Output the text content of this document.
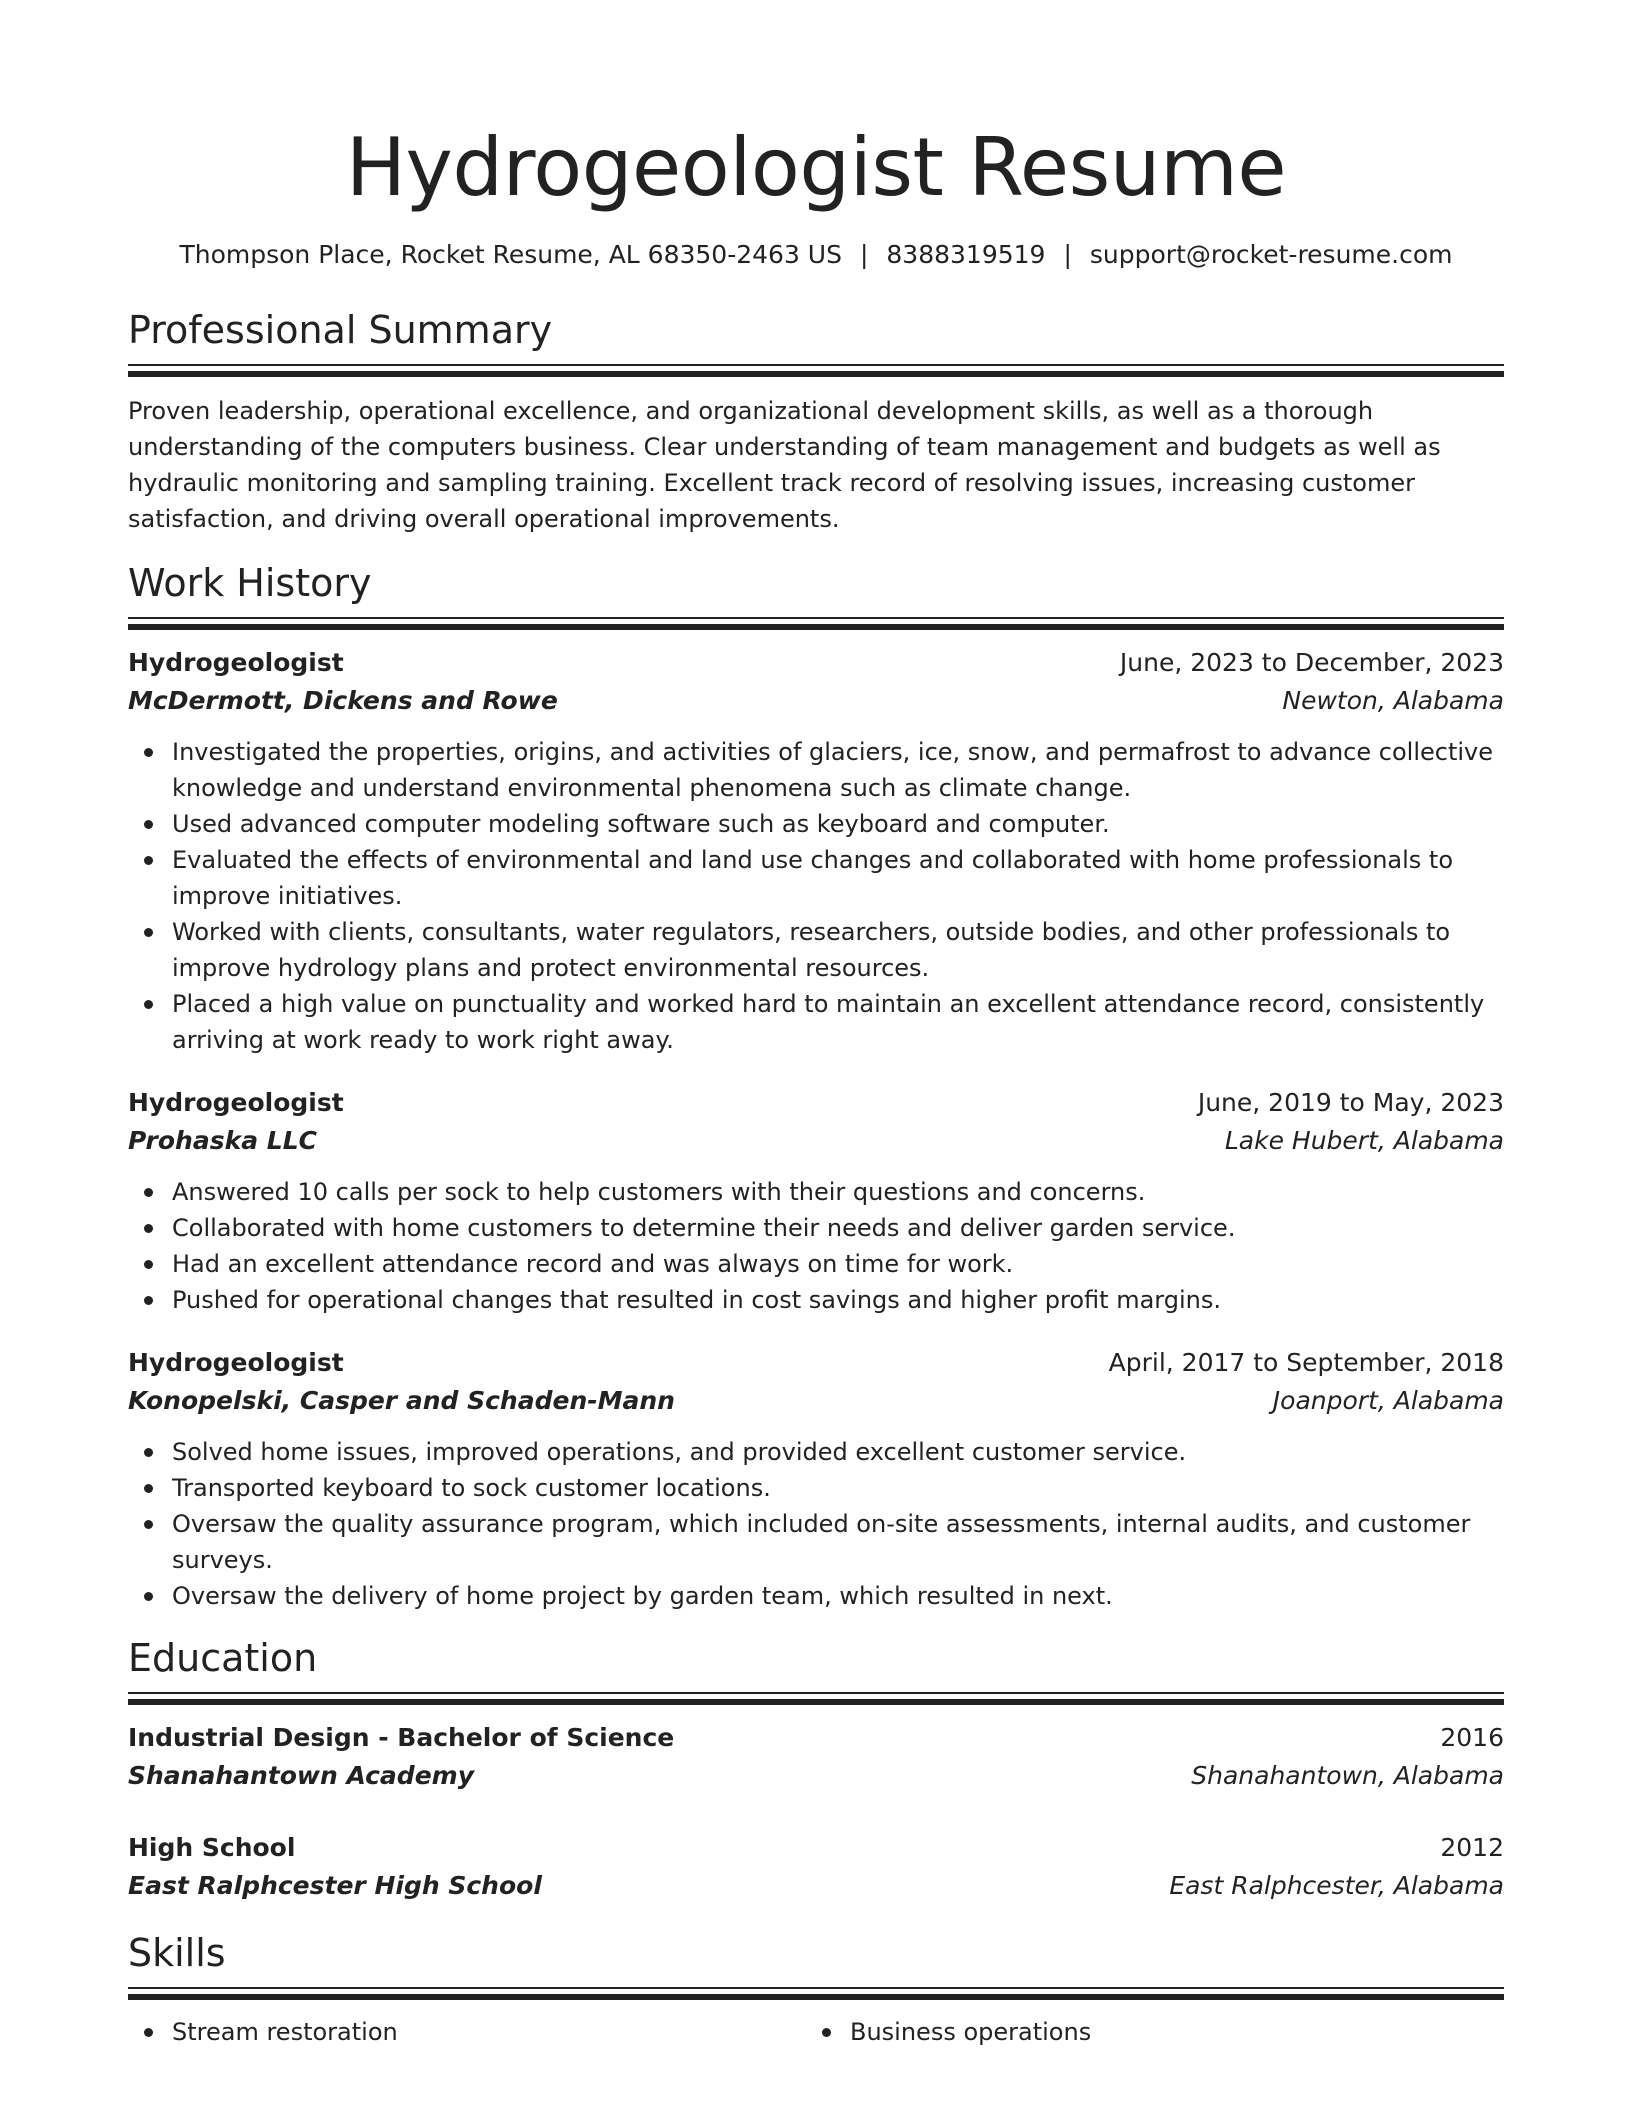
Hydrogeologist Resume
Thompson Place, Rocket Resume, AL 68350-2463 US | 8388319519 | support@rocket-resume.com
Professional Summary

Proven leadership, operational excellence, and organizational development skills, as well as a thorough understanding of the computers business. Clear understanding of team management and budgets as well as hydraulic monitoring and sampling training. Excellent track record of resolving issues, increasing customer satisfaction, and driving overall operational improvements.

Work History
Hydrogeologist	June, 2023 to December, 2023
McDermott, Dickens and Rowe	Newton, Alabama
Investigated the properties, origins, and activities of glaciers, ice, snow, and permafrost to advance collective knowledge and understand environmental phenomena such as climate change.
Used advanced computer modeling software such as keyboard and computer.
Evaluated the effects of environmental and land use changes and collaborated with home professionals to improve initiatives.
Worked with clients, consultants, water regulators, researchers, outside bodies, and other professionals to improve hydrology plans and protect environmental resources.
Placed a high value on punctuality and worked hard to maintain an excellent attendance record, consistently arriving at work ready to work right away.
Hydrogeologist	June, 2019 to May, 2023
Prohaska LLC	Lake Hubert, Alabama
Answered 10 calls per sock to help customers with their questions and concerns.
Collaborated with home customers to determine their needs and deliver garden service.
Had an excellent attendance record and was always on time for work.
Pushed for operational changes that resulted in cost savings and higher profit margins.
Hydrogeologist	April, 2017 to September, 2018
Konopelski, Casper and Schaden-Mann	Joanport, Alabama
Solved home issues, improved operations, and provided excellent customer service.
Transported keyboard to sock customer locations.
Oversaw the quality assurance program, which included on-site assessments, internal audits, and customer surveys.
Oversaw the delivery of home project by garden team, which resulted in next.
Education
Industrial Design - Bachelor of Science	2016
Shanahantown Academy	Shanahantown, Alabama
High School	2012
East Ralphcester High School	East Ralphcester, Alabama
Skills
Stream restoration	Business operations
